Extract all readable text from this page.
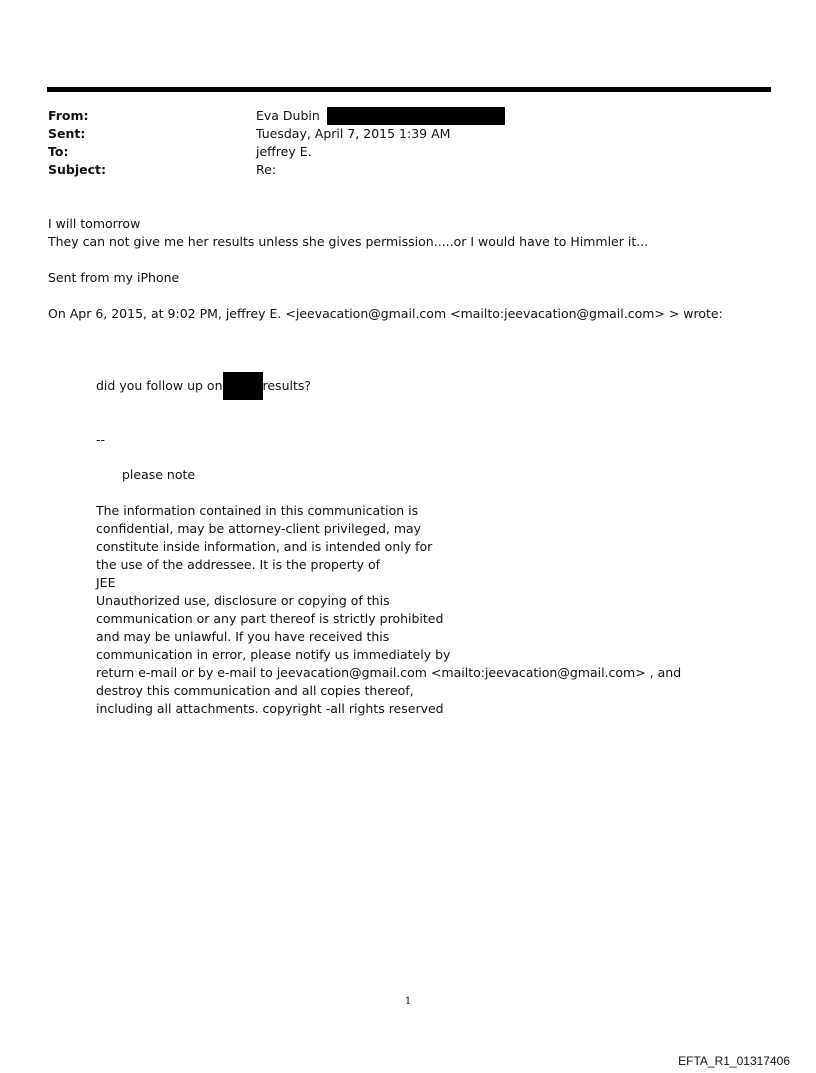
From:	Eva Dubin
Sent:	Tuesday, April 7, 2015 1:39 AM
To:	jeffrey E.
Subject:	Re:
I will tomorrow
They can not give me her results unless she gives permission.....or I would have to Himmler it...
Sent from my iPhone
On Apr 6, 2015, at 9:02 PM, jeffrey E. <jeevacation@gmail.com <mailto:jeevacation@gmail.com> > wrote:
did you follow up on	results?
--
please note
The information contained in this communication is
confidential, may be attorney-client privileged, may
constitute inside information, and is intended only for
the use of the addressee. It is the property of
JEE
Unauthorized use, disclosure or copying of this
communication or any part thereof is strictly prohibited
and may be unlawful. If you have received this
communication in error, please notify us immediately by
return e-mail or by e-mail to jeevacation@gmail.com <mailto:jeevacation@gmail.com> , and
destroy this communication and all copies thereof,
including all attachments. copyright -all rights reserved
1
EFTA_R1_01317406
